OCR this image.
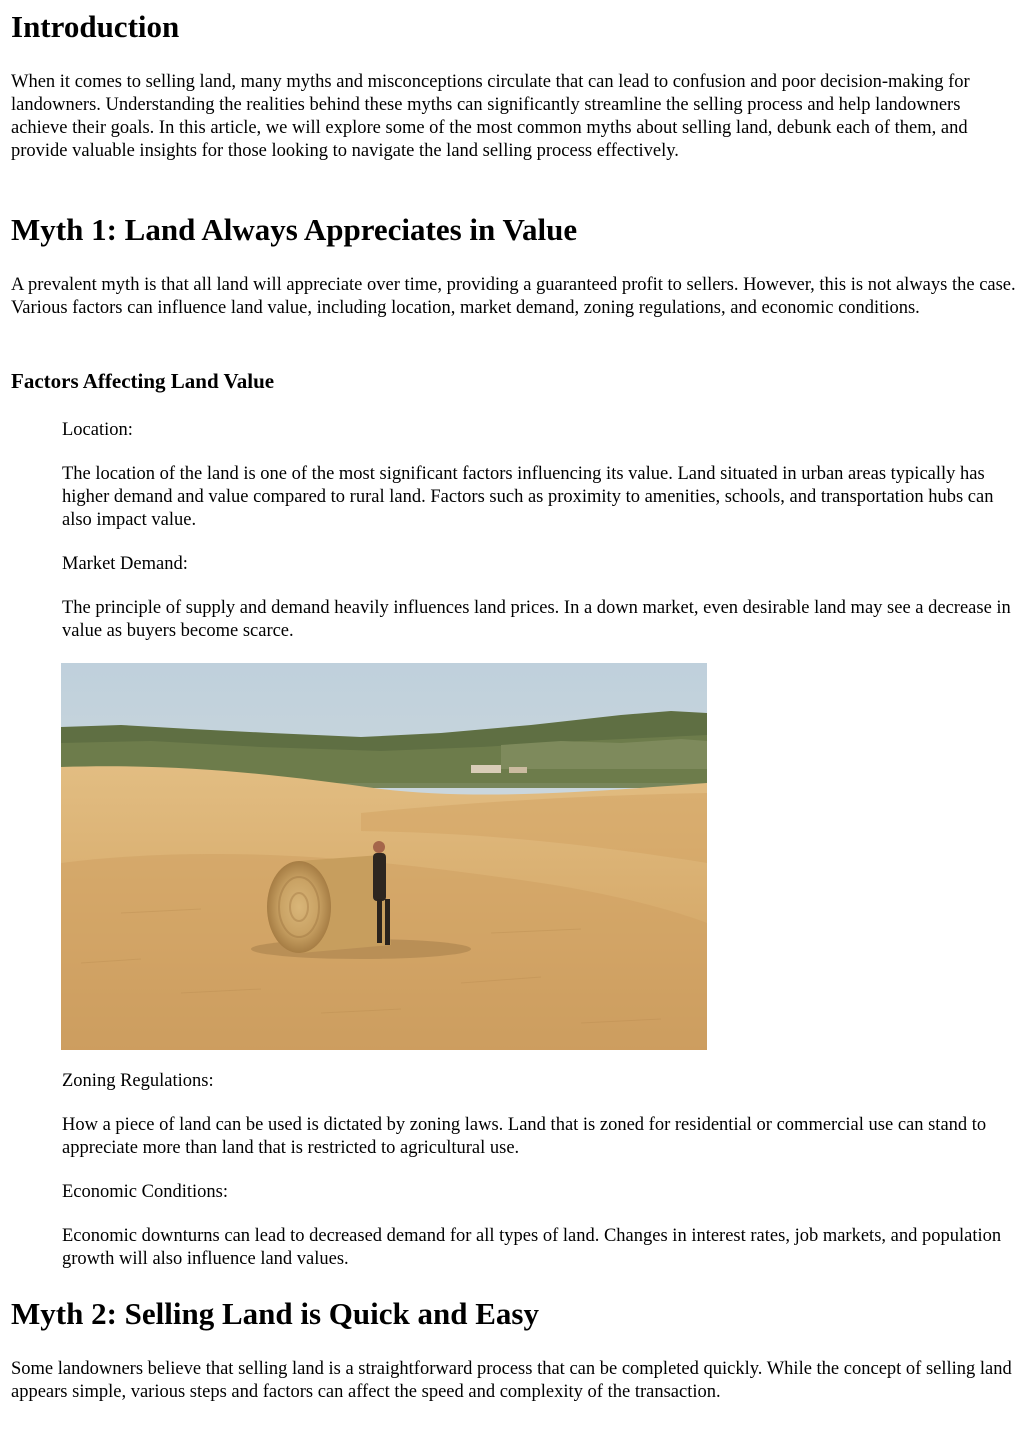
Introduction

When it comes to selling land, many myths and misconceptions circulate that can lead to confusion and poor decision-making for landowners. Understanding the realities behind these myths can significantly streamline the selling process and help landowners achieve their goals. In this article, we will explore some of the most common myths about selling land, debunk each of them, and provide valuable insights for those looking to navigate the land selling process effectively.

Myth 1: Land Always Appreciates in Value

A prevalent myth is that all land will appreciate over time, providing a guaranteed profit to sellers. However, this is not always the case. Various factors can influence land value, including location, market demand, zoning regulations, and economic conditions.

Factors Affecting Land Value

Location:

The location of the land is one of the most significant factors influencing its value. Land situated in urban areas typically has higher demand and value compared to rural land. Factors such as proximity to amenities, schools, and transportation hubs can also impact value.

Market Demand:

The principle of supply and demand heavily influences land prices. In a down market, even desirable land may see a decrease in value as buyers become scarce.

Zoning Regulations:

How a piece of land can be used is dictated by zoning laws. Land that is zoned for residential or commercial use can stand to appreciate more than land that is restricted to agricultural use.

Economic Conditions:

Economic downturns can lead to decreased demand for all types of land. Changes in interest rates, job markets, and population growth will also influence land values.

Myth 2: Selling Land is Quick and Easy

Some landowners believe that selling land is a straightforward process that can be completed quickly. While the concept of selling land appears simple, various steps and factors can affect the speed and complexity of the transaction.
